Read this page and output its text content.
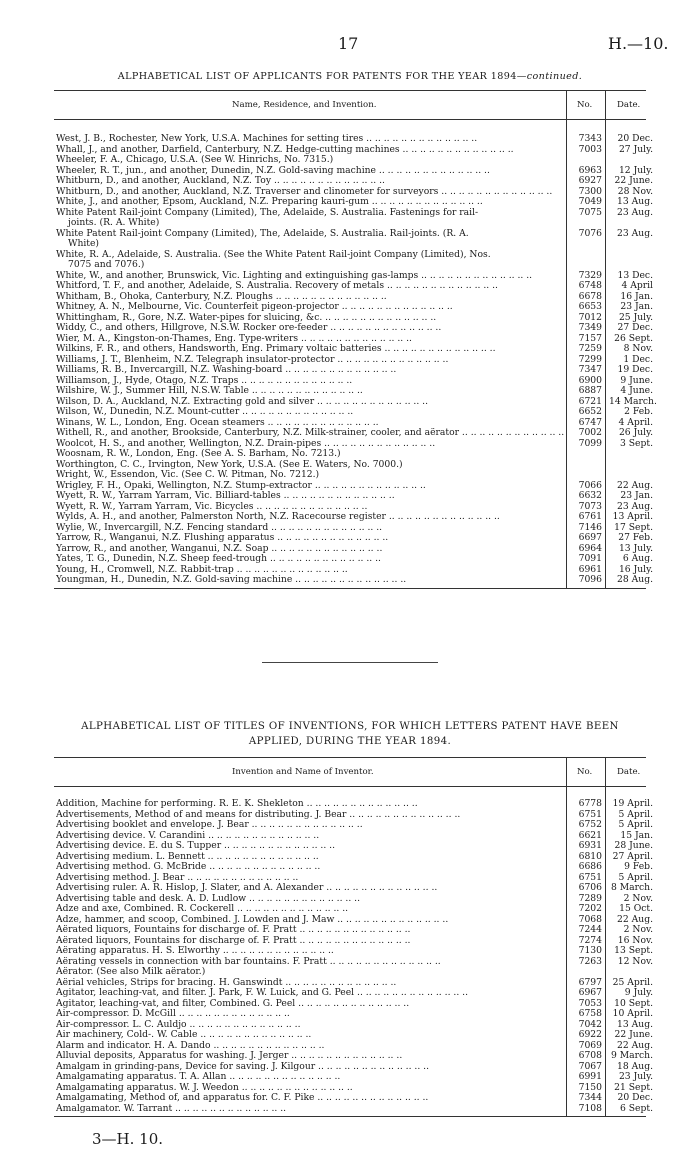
17	H.—10.
ALPHABETICAL LIST OF APPLICANTS FOR PATENTS FOR THE YEAR 1894—continued.
Name, Residence, and Invention.	No.	Date.
West, J. B., Rochester, New York, U.S.A. Machines for setting tires ..	7343	20 Dec.
Whall, J., and another, Darfield, Canterbury, N.Z. Hedge-cutting machines ..	7003	27 July.
Wheeler, F. A., Chicago, U.S.A. (See W. Hinrichs, No. 7315.)
Wheeler, R. T., jun., and another, Dunedin, N.Z. Gold-saving machine ..	6963	12 July.
Whitburn, D., and another, Auckland, N.Z. Toy ..	6927	22 June.
Whitburn, D., and another, Auckland, N.Z. Traverser and clinometer for surveyors ..	7300	28 Nov.
White, J., and another, Epsom, Auckland, N.Z. Preparing kauri-gum ..	7049	13 Aug.
White Patent Rail-joint Company (Limited), The, Adelaide, S. Australia. Fastenings for rail-
joints. (R. A. White)
7075	23 Aug.
White Patent Rail-joint Company (Limited), The, Adelaide, S. Australia. Rail-joints. (R. A.
White)
7076	23 Aug.
White, R. A., Adelaide, S. Australia. (See the White Patent Rail-joint Company (Limited), Nos.
7075 and 7076.)
White, W., and another, Brunswick, Vic. Lighting and extinguishing gas-lamps ..	7329	13 Dec.
Whitford, T. F., and another, Adelaide, S. Australia. Recovery of metals ..	6748	4 April
Whitham, B., Ohoka, Canterbury, N.Z. Ploughs ..	6678	16 Jan.
Whitney, A. N., Melbourne, Vic. Counterfeit pigeon-projector ..	6653	23 Jan.
Whittingham, R., Gore, N.Z. Water-pipes for sluicing, &c. ..	7012	25 July.
Widdy, C., and others, Hillgrove, N.S.W. Rocker ore-feeder ..	7349	27 Dec.
Wier, M. A., Kingston-on-Thames, Eng. Type-writers ..	7157	26 Sept.
Wilkins, F. R., and others, Handsworth, Eng. Primary voltaic batteries ..	7259	8 Nov.
Williams, J. T., Blenheim, N.Z. Telegraph insulator-protector ..	7299	1 Dec.
Williams, R. B., Invercargill, N.Z. Washing-board ..	7347	19 Dec.
Williamson, J., Hyde, Otago, N.Z. Traps ..	6900	9 June.
Wilshire, W. J., Summer Hill, N.S.W. Table ..	6887	4 June.
Wilson, D. A., Auckland, N.Z. Extracting gold and silver ..	6721 14 March.
Wilson, W., Dunedin, N.Z. Mount-cutter ..	6652	2 Feb.
Winans, W. L., London, Eng. Ocean steamers ..	6747	4 April.
Withell, R., and another, Brookside, Canterbury, N.Z. Milk-strainer, cooler, and aërator ..	7002	26 July.
Woolcot, H. S., and another, Wellington, N.Z. Drain-pipes ..	7099	3 Sept.
Woosnam, R. W., London, Eng. (See A. S. Barham, No. 7213.)
Worthington, C. C., Irvington, New York, U.S.A. (See E. Waters, No. 7000.)
Wright, W., Essendon, Vic. (See C. W. Pitman, No. 7212.)
Wrigley, F. H., Opaki, Wellington, N.Z. Stump-extractor ..	7066	22 Aug.
Wyett, R. W., Yarram Yarram, Vic. Billiard-tables ..	6632	23 Jan.
Wyett, R. W., Yarram Yarram, Vic. Bicycles ..	7073	23 Aug.
Wylds, A. H., and another, Palmerston North, N.Z. Racecourse register ..	6761	13 April.
Wylie, W., Invercargill, N.Z. Fencing standard ..	7146	17 Sept.
Yarrow, R., Wanganui, N.Z. Flushing apparatus ..	6697	27 Feb.
Yarrow, R., and another, Wanganui, N.Z. Soap ..	6964	13 July.
Yates, T. G., Dunedin, N.Z. Sheep feed-trough ..	7091	6 Aug.
Young, H., Cromwell, N.Z. Rabbit-trap ..	6961	16 July.
Youngman, H., Dunedin, N.Z. Gold-saving machine ..	7096	28 Aug.
ALPHABETICAL LIST OF TITLES OF INVENTIONS, FOR WHICH LETTERS PATENT HAVE BEEN
APPLIED, DURING THE YEAR 1894.
Invention and Name of Inventor.	No.	Date.
Addition, Machine for performing. R. E. K. Shekleton ..	6778	19 April.
Advertisements, Method of and means for distributing. J. Bear ..	6751	5 April.
Advertising booklet and envelope. J. Bear ..	6752	5 April.
Advertising device. V. Carandini ..	6621	15 Jan.
Advertising device. E. du S. Tupper ..	6931	28 June.
Advertising medium. L. Bennett ..	6810	27 April.
Advertising method. G. McBride ..	6686	9 Feb.
Advertising method. J. Bear ..	6751	5 April.
Advertising ruler. A. R. Hislop, J. Slater, and A. Alexander ..	6706 8 March.
Advertising table and desk. A. D. Ludlow ..	7289	2 Nov.
Adze and axe, Combined. R. Cockerell ..	7202	15 Oct.
Adze, hammer, and scoop, Combined. J. Lowden and J. Maw ..	7068	22 Aug.
Aërated liquors, Fountains for discharge of. F. Pratt ..	7244	2 Nov.
Aërated liquors, Fountains for discharge of. F. Pratt ..	7274	16 Nov.
Aërating apparatus. H. S. Elworthy ..	7130	13 Sept.
Aërating vessels in connection with bar fountains. F. Pratt ..	7263	12 Nov.
Aërator. (See also Milk aërator.)
Aërial vehicles, Strips for bracing. H. Ganswindt ..	6797	25 April.
Agitator, leaching-vat, and filter. J. Park, F. W. Luick, and G. Peel ..	6967	9 July.
Agitator, leaching-vat, and filter, Combined. G. Peel ..	7053	10 Sept.
Air-compressor. D. McGill ..	6758	10 April.
Air-compressor. L. C. Auldjo ..	7042	13 Aug.
Air machinery, Cold-. W. Cable ..	6922	22 June.
Alarm and indicator. H. A. Dando ..	7069	22 Aug.
Alluvial deposits, Apparatus for washing. J. Jerger ..	6708 9 March.
Amalgam in grinding-pans, Device for saving. J. Kilgour ..	7067	18 Aug.
Amalgamating apparatus. T. A. Allan ..	6991	23 July.
Amalgamating apparatus. W. J. Weedon ..	7150	21 Sept.
Amalgamating, Method of, and apparatus for. C. F. Pike ..	7344	20 Dec.
Amalgamator. W. Tarrant ..	7108	6 Sept.
3—H. 10.
